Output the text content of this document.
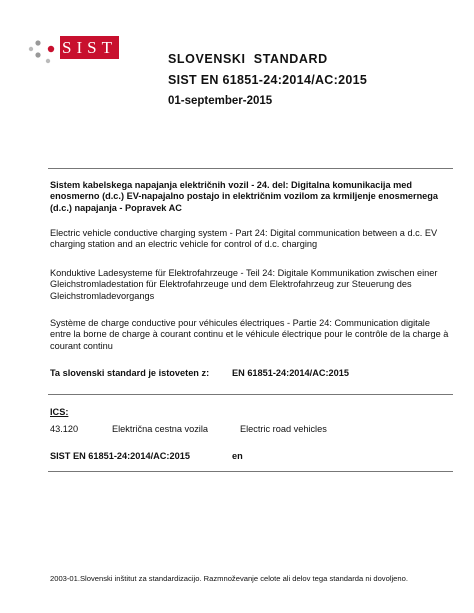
SIST
SLOVENSKI  STANDARD
SIST EN 61851-24:2014/AC:2015
01-september-2015
Sistem kabelskega napajanja električnih vozil - 24. del: Digitalna komunikacija med enosmerno (d.c.) EV-napajalno postajo in električnim vozilom za krmiljenje enosmernega (d.c.) napajanja - Popravek AC
Electric vehicle conductive charging system - Part 24: Digital communication between a d.c. EV charging station and an electric vehicle for control of d.c. charging
Konduktive Ladesysteme für Elektrofahrzeuge - Teil 24: Digitale Kommunikation zwischen einer Gleichstromladestation für Elektrofahrzeuge und dem Elektrofahrzeug zur Steuerung des Gleichstromladevorgangs
Système de charge conductive pour véhicules électriques - Partie 24: Communication digitale entre la borne de charge à courant continu et le véhicule électrique pour le contrôle de la charge à courant continu
Ta slovenski standard je istoveten z: EN 61851-24:2014/AC:2015
ICS:
43.120	Električna cestna vozila	Electric road vehicles
SIST EN 61851-24:2014/AC:2015	en
2003-01.Slovenski inštitut za standardizacijo. Razmnoževanje celote ali delov tega standarda ni dovoljeno.
